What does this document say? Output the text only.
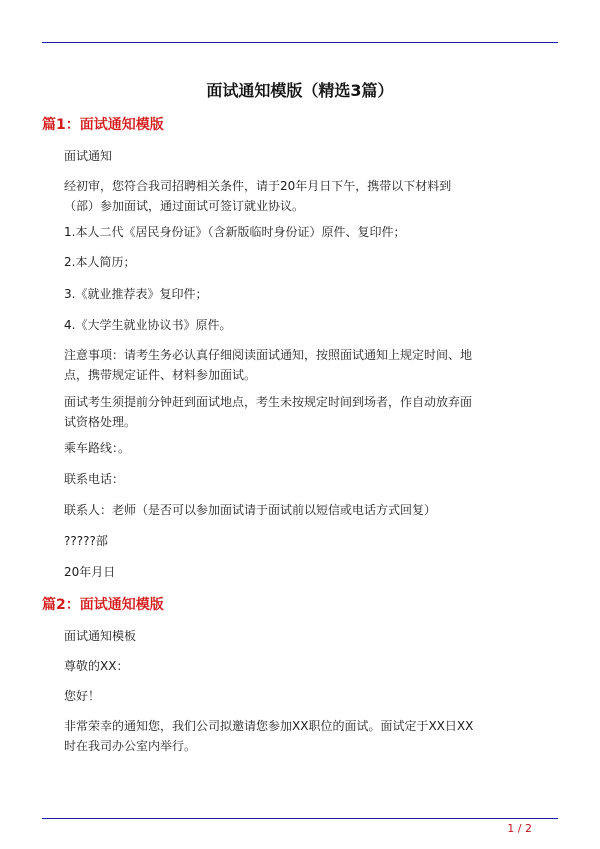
面试通知模版（精选3篇）
篇1：面试通知模版
面试通知
经初审，您符合我司招聘相关条件，请于20年月日下午，携带以下材料到（部）参加面试，通过面试可签订就业协议。
1.本人二代《居民身份证》（含新版临时身份证）原件、复印件；
2.本人简历；
3.《就业推荐表》复印件；
4.《大学生就业协议书》原件。
注意事项：请考生务必认真仔细阅读面试通知，按照面试通知上规定时间、地点，携带规定证件、材料参加面试。
面试考生须提前分钟赶到面试地点，考生未按规定时间到场者，作自动放弃面试资格处理。
乘车路线：。
联系电话：
联系人：老师（是否可以参加面试请于面试前以短信或电话方式回复）
?????部
20年月日
篇2：面试通知模版
面试通知模板
尊敬的XX：
您好！
非常荣幸的通知您，我们公司拟邀请您参加XX职位的面试。面试定于XX日XX时在我司办公室内举行。
1 / 2
